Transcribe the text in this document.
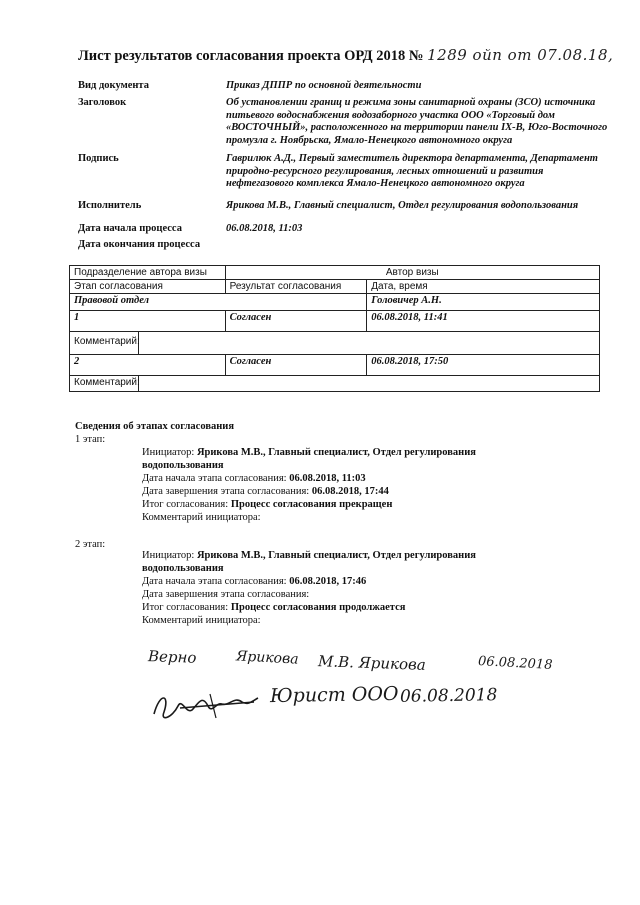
Лист результатов согласования проекта ОРД 2018 № 1289 ойп от 07.08.18,
Вид документа	Приказ ДППР по основной деятельности
Заголовок	Об установлении границ и режима зоны санитарной охраны (ЗСО) источника питьевого водоснабжения водозаборного участка ООО «Торговый дом «ВОСТОЧНЫЙ», расположенного на территории панели IX-B, Юго-Восточного промузла г. Ноябрьска, Ямало-Ненецкого автономного округа
Подпись	Гаврилюк А.Д., Первый заместитель директора департамента, Департамент природно-ресурсного регулирования, лесных отношений и развития нефтегазового комплекса Ямало-Ненецкого автономного округа
Исполнитель	Ярикова М.В., Главный специалист, Отдел регулирования водопользования
Дата начала процесса	06.08.2018, 11:03
Дата окончания процесса
Подразделение автора визы	Автор визы	
Этап согласования	Результат согласования	Дата, время
Правовой отдел		Головичер А.Н.
1	Согласен	06.08.2018, 11:41

Комментарий:		

2	Согласен	06.08.2018, 17:50

Комментарий:		
Сведения об этапах согласования
1 этап:
Инициатор: Ярикова М.В., Главный специалист, Отдел регулирования
водопользования
Дата начала этапа согласования: 06.08.2018, 11:03
Дата завершения этапа согласования: 06.08.2018, 17:44
Итог согласования: Процесс согласования прекращен
Комментарий инициатора:
2 этап:
Инициатор: Ярикова М.В., Главный специалист, Отдел регулирования
водопользования
Дата начала этапа согласования: 06.08.2018, 17:46
Дата завершения этапа согласования:
Итог согласования: Процесс согласования продолжается
Комментарий инициатора:
Верно	Ярикова М.В. Ярикова	06.08.2018
Юрист ООО 06.08.2018
